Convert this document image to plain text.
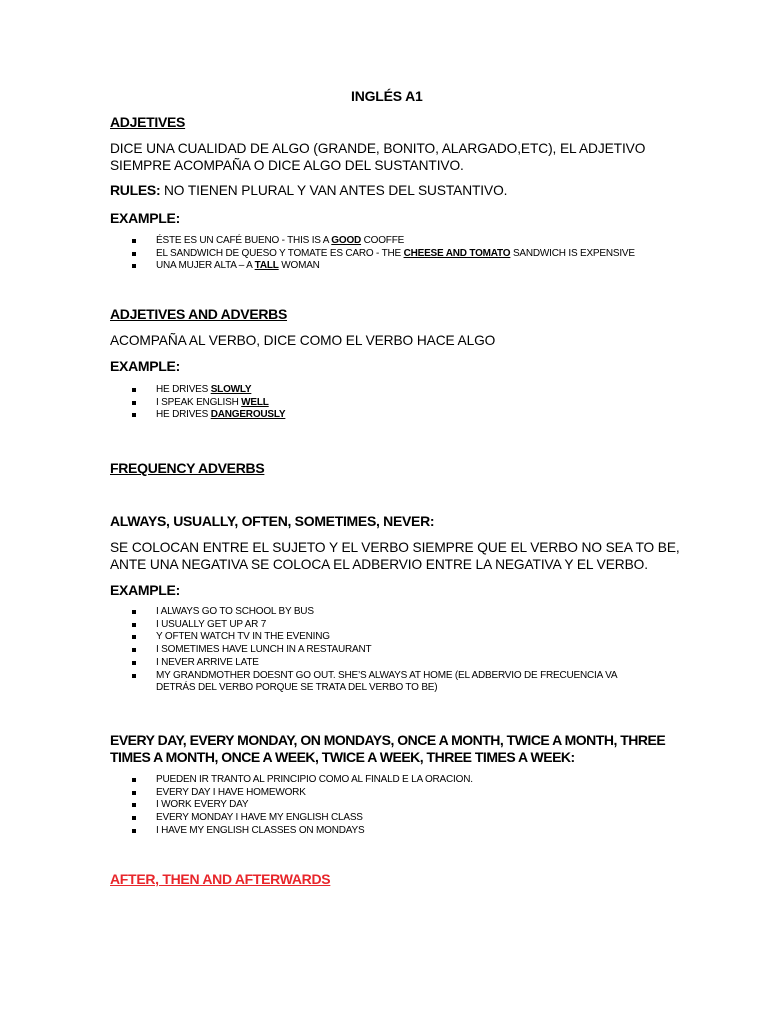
INGLÉS A1
ADJETIVES
DICE UNA CUALIDAD DE ALGO (GRANDE, BONITO, ALARGADO,ETC), EL ADJETIVO
SIEMPRE ACOMPAÑA O DICE ALGO DEL SUSTANTIVO.
RULES: NO TIENEN PLURAL Y VAN ANTES DEL SUSTANTIVO.
EXAMPLE:
ÉSTE ES UN CAFÉ BUENO - THIS IS A GOOD COOFFE
EL SANDWICH DE QUESO Y TOMATE ES CARO - THE CHEESE AND TOMATO SANDWICH IS EXPENSIVE
UNA MUJER ALTA – A TALL WOMAN
ADJETIVES AND ADVERBS
ACOMPAÑA AL VERBO, DICE COMO EL VERBO HACE ALGO
EXAMPLE:
HE DRIVES SLOWLY
I SPEAK ENGLISH WELL
HE DRIVES DANGEROUSLY
FREQUENCY ADVERBS
ALWAYS, USUALLY, OFTEN, SOMETIMES, NEVER:
SE COLOCAN ENTRE EL SUJETO Y EL VERBO SIEMPRE QUE EL VERBO NO SEA TO BE,
ANTE UNA NEGATIVA SE COLOCA EL ADBERVIO ENTRE LA NEGATIVA Y EL VERBO.
EXAMPLE:
I ALWAYS GO TO SCHOOL BY BUS
I USUALLY GET UP AR 7
Y OFTEN WATCH TV IN THE EVENING
I SOMETIMES HAVE LUNCH IN A RESTAURANT
I NEVER ARRIVE LATE
MY GRANDMOTHER DOESNT GO OUT. SHE’S ALWAYS AT HOME (EL ADBERVIO DE FRECUENCIA VA
DETRÁS DEL VERBO PORQUE SE TRATA DEL VERBO TO BE)
EVERY DAY, EVERY MONDAY, ON MONDAYS, ONCE A MONTH, TWICE A MONTH, THREE
TIMES A MONTH, ONCE A WEEK, TWICE A WEEK, THREE TIMES A WEEK:
PUEDEN IR TRANTO AL PRINCIPIO COMO AL FINALD E LA ORACION.
EVERY DAY I HAVE HOMEWORK
I WORK EVERY DAY
EVERY MONDAY I HAVE MY ENGLISH CLASS
I HAVE MY ENGLISH CLASSES ON MONDAYS
AFTER, THEN AND AFTERWARDS
